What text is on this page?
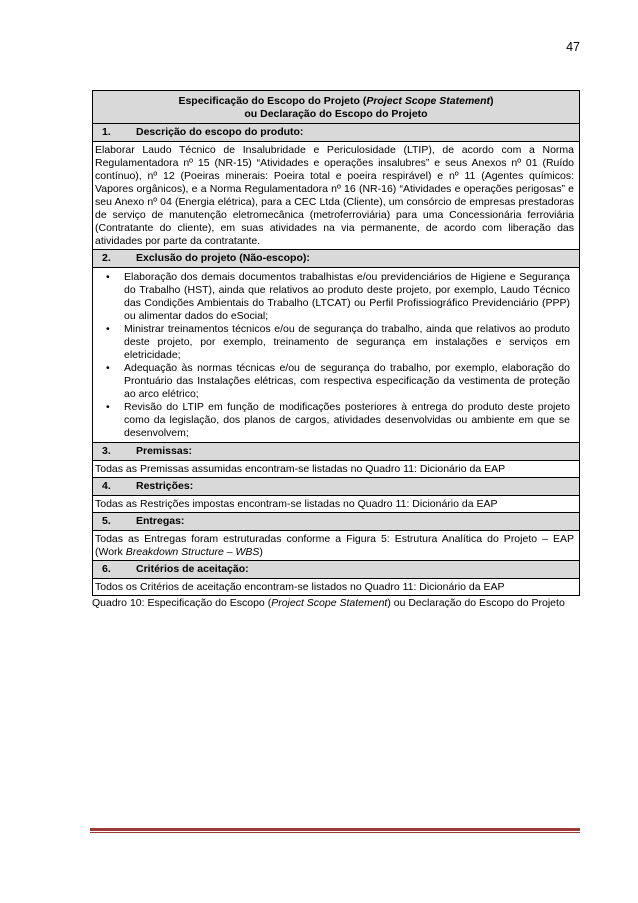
47
Especificação do Escopo do Projeto (Project Scope Statement)
ou Declaração do Escopo do Projeto
1. Descrição do escopo do produto:
Elaborar Laudo Técnico de Insalubridade e Periculosidade (LTIP), de acordo com a Norma Regulamentadora nº 15 (NR-15) “Atividades e operações insalubres” e seus Anexos nº 01 (Ruído contínuo), nº 12 (Poeiras minerais: Poeira total e poeira respirável) e nº 11 (Agentes químicos: Vapores orgânicos), e a Norma Regulamentadora nº 16 (NR-16) “Atividades e operações perigosas” e seu Anexo nº 04 (Energia elétrica), para a CEC Ltda (Cliente), um consórcio de empresas prestadoras de serviço de manutenção eletromecânica (metroferroviária) para uma Concessionária ferroviária (Contratante do cliente), em suas atividades na via permanente, de acordo com liberação das atividades por parte da contratante.
2. Exclusão do projeto (Não-escopo):

• Elaboração dos demais documentos trabalhistas e/ou previdenciários de Higiene e Segurança do Trabalho (HST), ainda que relativos ao produto deste projeto, por exemplo, Laudo Técnico das Condições Ambientais do Trabalho (LTCAT) ou Perfil Profissiográfico Previdenciário (PPP) ou alimentar dados do eSocial;
• Ministrar treinamentos técnicos e/ou de segurança do trabalho, ainda que relativos ao produto deste projeto, por exemplo, treinamento de segurança em instalações e serviços em eletricidade;
• Adequação às normas técnicas e/ou de segurança do trabalho, por exemplo, elaboração do Prontuário das Instalações elétricas, com respectiva especificação da vestimenta de proteção ao arco elétrico;
• Revisão do LTIP em função de modificações posteriores à entrega do produto deste projeto como da legislação, dos planos de cargos, atividades desenvolvidas ou ambiente em que se desenvolvem;

3. Premissas:
Todas as Premissas assumidas encontram-se listadas no Quadro 11: Dicionário da EAP
4. Restrições:
Todas as Restrições impostas encontram-se listadas no Quadro 11: Dicionário da EAP
5. Entregas:
Todas as Entregas foram estruturadas conforme a Figura 5: Estrutura Analítica do Projeto – EAP (Work Breakdown Structure – WBS)
6. Critérios de aceitação:
Todos os Critérios de aceitação encontram-se listados no Quadro 11: Dicionário da EAP
Quadro 10: Especificação do Escopo (Project Scope Statement) ou Declaração do Escopo do Projeto
